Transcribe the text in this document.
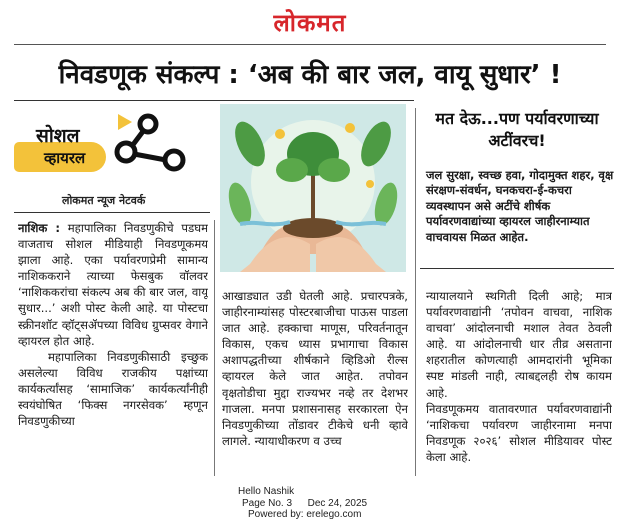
लोकमत
निवडणूक संकल्प : ‘अब की बार जल, वायू सुधार’ !
सोशल
व्हायरल
लोकमत न्यूज नेटवर्क

नाशिक : महापालिका निवडणुकीचे पडघम वाजताच सोशल मीडियाही निवडणूकमय झाला आहे. एका पर्यावरणप्रेमी सामान्य नाशिककराने त्याच्या फेसबुक वॉलवर ‘नाशिककरांचा संकल्प अब की बार जल, वायू सुधार...’ अशी पोस्ट केली आहे. या पोस्टचा स्क्रीनशॉट व्हॉट्सॲपच्या विविध ग्रुप्सवर वेगाने व्हायरल होत आहे.

महापालिका निवडणुकीसाठी इच्छुक असलेल्या विविध राजकीय पक्षांच्या कार्यकर्त्यांसह ‘सामाजिक’ कार्यकर्त्यांनीही स्वयंघोषित ‘फिक्स नगरसेवक’ म्हणून निवडणुकीच्या

आखाड्यात उडी घेतली आहे. प्रचारपत्रके, जाहीरनाम्यांसह पोस्टरबाजीचा पाऊस पाडला जात आहे. हक्काचा माणूस, परिवर्तनातून विकास, एकच ध्यास प्रभागाचा विकास अशापद्धतीच्या शीर्षकाने व्हिडिओ रील्स व्हायरल केले जात आहेत. तपोवन वृक्षतोडीचा मुद्दा राज्यभर नव्हे तर देशभर गाजला. मनपा प्रशासनासह सरकारला ऐन निवडणुकीच्या तोंडावर टीकेचे धनी व्हावे लागले. न्यायाधीकरण व उच्च

मत देऊ...पण पर्यावरणाच्या अटींवरच!
जल सुरक्षा, स्वच्छ हवा, गोदामुक्त शहर, वृक्ष संरक्षण-संवर्धन, घनकचरा-ई-कचरा व्यवस्थापन असे अटींचे शीर्षक पर्यावरणवाद्यांच्या व्हायरल जाहीरनाम्यात वाचवायस मिळत आहेत.

न्यायालयाने स्थगिती दिली आहे; मात्र पर्यावरणवाद्यांनी ‘तपोवन वाचवा, नाशिक वाचवा’ आंदोलनाची मशाल तेवत ठेवली आहे. या आंदोलनाची धार तीव्र असताना शहरातील कोणत्याही आमदारांनी भूमिका स्पष्ट मांडली नाही, त्याबद्दलही रोष कायम आहे.

निवडणूकमय वातावरणात पर्यावरणवाद्यांनी ‘नाशिकचा पर्यावरण जाहीरनामा मनपा निवडणूक २०२६’ सोशल मीडियावर पोस्ट केला आहे.

Hello Nashik
Page No. 3 Dec 24, 2025
Powered by: erelego.com
